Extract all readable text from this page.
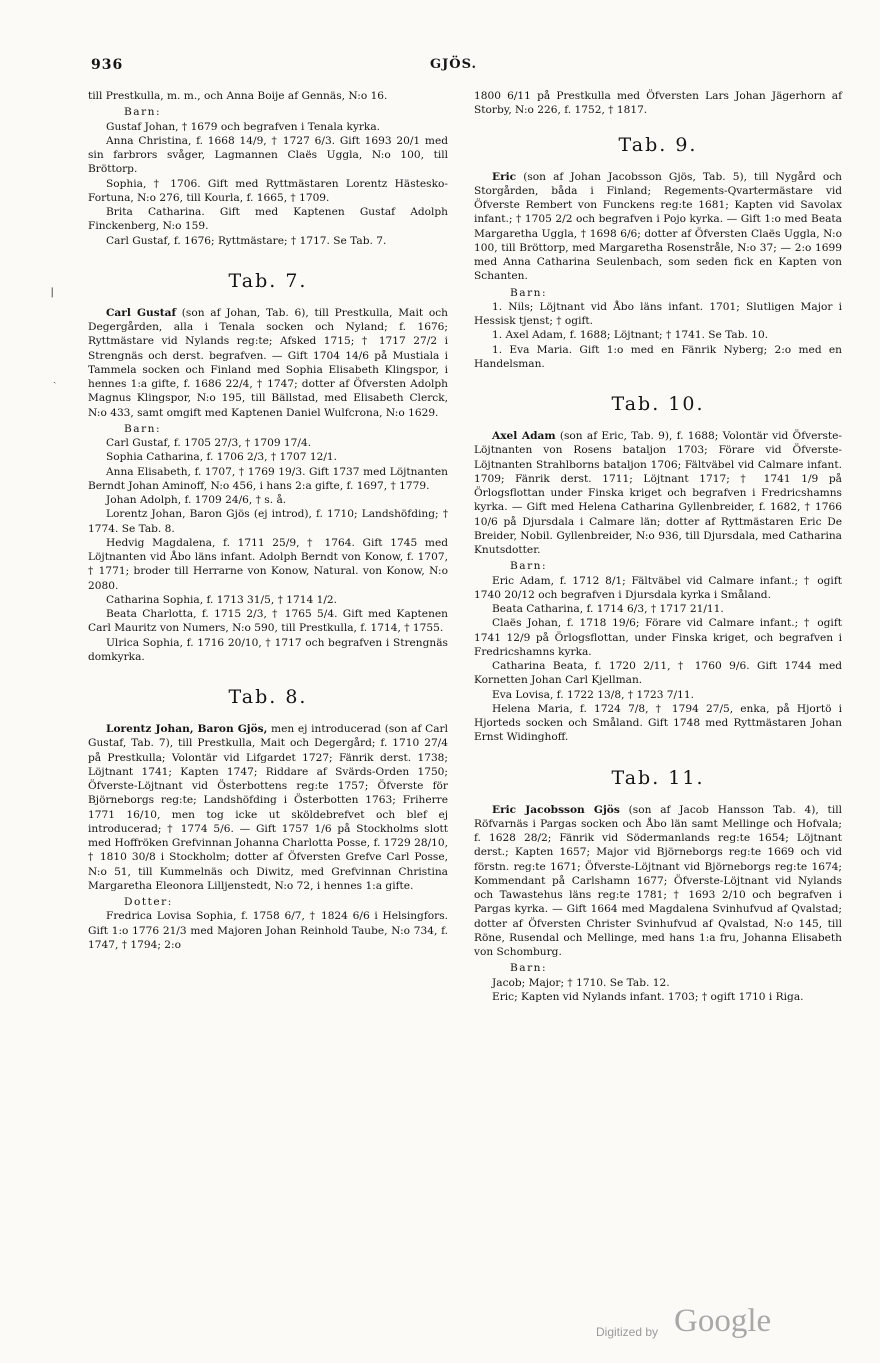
936	GJÖS.
❘
ˎ

till Prestkulla, m. m., och Anna Boije af Gennäs, N:o 16.

Barn:

Gustaf Johan, † 1679 och begrafven i Tenala kyrka.

Anna Christina, f. 1668 14/9, † 1727 6/3. Gift 1693 20/1 med sin farbrors svåger, Lagmannen Claës Uggla, N:o 100, till Bröttorp.

Sophia, † 1706. Gift med Ryttmästaren Lorentz Hästesko-Fortuna, N:o 276, till Kourla, f. 1665, † 1709.

Brita Catharina. Gift med Kaptenen Gustaf Adolph Finckenberg, N:o 159.

Carl Gustaf, f. 1676; Ryttmästare; † 1717. Se Tab. 7.

Tab. 7.

Carl Gustaf (son af Johan, Tab. 6), till Prestkulla, Mait och Degergården, alla i Tenala socken och Nyland; f. 1676; Ryttmästare vid Nylands reg:te; Afsked 1715; † 1717 27/2 i Strengnäs och derst. begrafven. — Gift 1704 14/6 på Mustiala i Tammela socken och Finland med Sophia Elisabeth Klingspor, i hennes 1:a gifte, f. 1686 22/4, † 1747; dotter af Öfversten Adolph Magnus Klingspor, N:o 195, till Bällstad, med Elisabeth Clerck, N:o 433, samt omgift med Kaptenen Daniel Wulfcrona, N:o 1629.

Barn:

Carl Gustaf, f. 1705 27/3, † 1709 17/4.

Sophia Catharina, f. 1706 2/3, † 1707 12/1.

Anna Elisabeth, f. 1707, † 1769 19/3. Gift 1737 med Löjtnanten Berndt Johan Aminoff, N:o 456, i hans 2:a gifte, f. 1697, † 1779.

Johan Adolph, f. 1709 24/6, † s. å.

Lorentz Johan, Baron Gjös (ej introd), f. 1710; Landshöfding; † 1774. Se Tab. 8.

Hedvig Magdalena, f. 1711 25/9, † 1764. Gift 1745 med Löjtnanten vid Åbo läns infant. Adolph Berndt von Konow, f. 1707, † 1771; broder till Herrarne von Konow, Natural. von Konow, N:o 2080.

Catharina Sophia, f. 1713 31/5, † 1714 1/2.

Beata Charlotta, f. 1715 2/3, † 1765 5/4. Gift med Kaptenen Carl Mauritz von Numers, N:o 590, till Prestkulla, f. 1714, † 1755.

Ulrica Sophia, f. 1716 20/10, † 1717 och begrafven i Strengnäs domkyrka.

Tab. 8.

Lorentz Johan, Baron Gjös, men ej introducerad (son af Carl Gustaf, Tab. 7), till Prestkulla, Mait och Degergård; f. 1710 27/4 på Prestkulla; Volontär vid Lifgardet 1727; Fänrik derst. 1738; Löjtnant 1741; Kapten 1747; Riddare af Svärds-Orden 1750; Öfverste-Löjtnant vid Österbottens reg:te 1757; Öfverste för Björneborgs reg:te; Landshöfding i Österbotten 1763; Friherre 1771 16/10, men tog icke ut sköldebrefvet och blef ej introducerad; † 1774 5/6. — Gift 1757 1/6 på Stockholms slott med Hoffröken Grefvinnan Johanna Charlotta Posse, f. 1729 28/10, † 1810 30/8 i Stockholm; dotter af Öfversten Grefve Carl Posse, N:o 51, till Kummelnäs och Diwitz, med Grefvinnan Christina Margaretha Eleonora Lilljenstedt, N:o 72, i hennes 1:a gifte.

Dotter:

Fredrica Lovisa Sophia, f. 1758 6/7, † 1824 6/6 i Helsingfors. Gift 1:o 1776 21/3 med Majoren Johan Reinhold Taube, N:o 734, f. 1747, † 1794; 2:o

1800 6/11 på Prestkulla med Öfversten Lars Johan Jägerhorn af Storby, N:o 226, f. 1752, † 1817.

Tab. 9.

Eric (son af Johan Jacobsson Gjös, Tab. 5), till Nygård och Storgården, båda i Finland; Regements-Qvartermästare vid Öfverste Rembert von Funckens reg:te 1681; Kapten vid Savolax infant.; † 1705 2/2 och begrafven i Pojo kyrka. — Gift 1:o med Beata Margaretha Uggla, † 1698 6/6; dotter af Öfversten Claës Uggla, N:o 100, till Bröttorp, med Margaretha Rosenstråle, N:o 37; — 2:o 1699 med Anna Catharina Seulenbach, som seden fick en Kapten von Schanten.

Barn:

1. Nils; Löjtnant vid Åbo läns infant. 1701; Slutligen Major i Hessisk tjenst; † ogift.

1. Axel Adam, f. 1688; Löjtnant; † 1741. Se Tab. 10.

1. Eva Maria. Gift 1:o med en Fänrik Nyberg; 2:o med en Handelsman.

Tab. 10.

Axel Adam (son af Eric, Tab. 9), f. 1688; Volontär vid Öfverste-Löjtnanten von Rosens bataljon 1703; Förare vid Öfverste-Löjtnanten Strahlborns bataljon 1706; Fältväbel vid Calmare infant. 1709; Fänrik derst. 1711; Löjtnant 1717; † 1741 1/9 på Örlogsflottan under Finska kriget och begrafven i Fredricshamns kyrka. — Gift med Helena Catharina Gyllenbreider, f. 1682, † 1766 10/6 på Djursdala i Calmare län; dotter af Ryttmästaren Eric De Breider, Nobil. Gyllenbreider, N:o 936, till Djursdala, med Catharina Knutsdotter.

Barn:

Eric Adam, f. 1712 8/1; Fältväbel vid Calmare infant.; † ogift 1740 20/12 och begrafven i Djursdala kyrka i Småland.

Beata Catharina, f. 1714 6/3, † 1717 21/11.

Claës Johan, f. 1718 19/6; Förare vid Calmare infant.; † ogift 1741 12/9 på Örlogsflottan, under Finska kriget, och begrafven i Fredricshamns kyrka.

Catharina Beata, f. 1720 2/11, † 1760 9/6. Gift 1744 med Kornetten Johan Carl Kjellman.

Eva Lovisa, f. 1722 13/8, † 1723 7/11.

Helena Maria, f. 1724 7/8, † 1794 27/5, enka, på Hjortö i Hjorteds socken och Småland. Gift 1748 med Ryttmästaren Johan Ernst Widinghoff.

Tab. 11.

Eric Jacobsson Gjös (son af Jacob Hansson Tab. 4), till Röfvarnäs i Pargas socken och Åbo län samt Mellinge och Hofvala; f. 1628 28/2; Fänrik vid Södermanlands reg:te 1654; Löjtnant derst.; Kapten 1657; Major vid Björneborgs reg:te 1669 och vid förstn. reg:te 1671; Öfverste-Löjtnant vid Björneborgs reg:te 1674; Kommendant på Carlshamn 1677; Öfverste-Löjtnant vid Nylands och Tawastehus läns reg:te 1781; † 1693 2/10 och begrafven i Pargas kyrka. — Gift 1664 med Magdalena Svinhufvud af Qvalstad; dotter af Öfversten Christer Svinhufvud af Qvalstad, N:o 145, till Röne, Rusendal och Mellinge, med hans 1:a fru, Johanna Elisabeth von Schomburg.

Barn:

Jacob; Major; † 1710. Se Tab. 12.

Eric; Kapten vid Nylands infant. 1703; † ogift 1710 i Riga.

Digitized by Google
